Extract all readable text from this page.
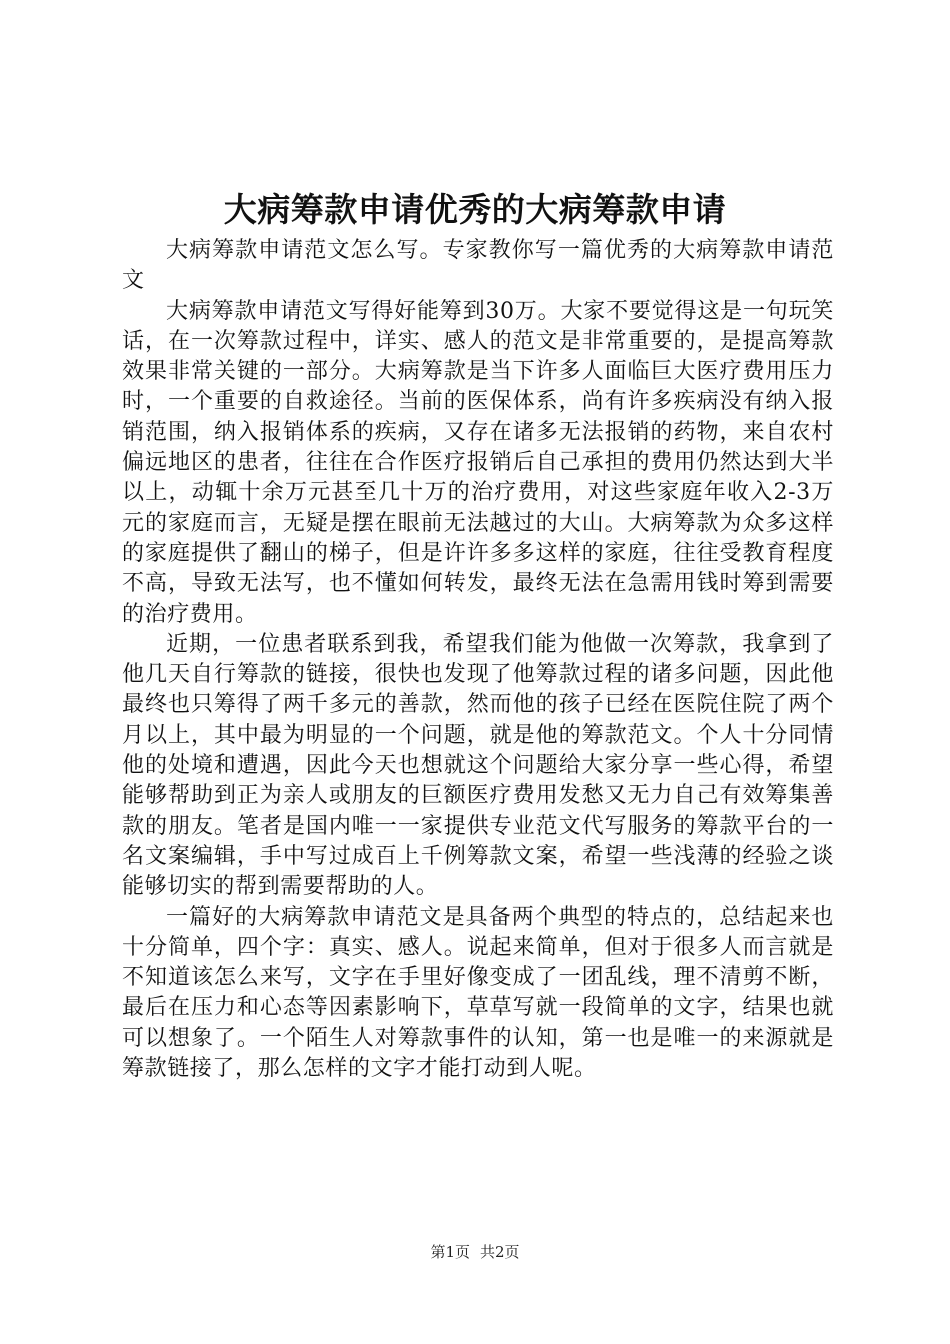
大病筹款申请优秀的大病筹款申请

大病筹款申请范文怎么写。专家教你写一篇优秀的大病筹款申请范文

大病筹款申请范文写得好能筹到30万。大家不要觉得这是一句玩笑话，在一次筹款过程中，详实、感人的范文是非常重要的，是提高筹款效果非常关键的一部分。大病筹款是当下许多人面临巨大医疗费用压力时，一个重要的自救途径。当前的医保体系，尚有许多疾病没有纳入报销范围，纳入报销体系的疾病，又存在诸多无法报销的药物，来自农村偏远地区的患者，往往在合作医疗报销后自己承担的费用仍然达到大半以上，动辄十余万元甚至几十万的治疗费用，对这些家庭年收入2-3万元的家庭而言，无疑是摆在眼前无法越过的大山。大病筹款为众多这样的家庭提供了翻山的梯子，但是许许多多这样的家庭，往往受教育程度不高，导致无法写，也不懂如何转发，最终无法在急需用钱时筹到需要的治疗费用。

近期，一位患者联系到我，希望我们能为他做一次筹款，我拿到了他几天自行筹款的链接，很快也发现了他筹款过程的诸多问题，因此他最终也只筹得了两千多元的善款，然而他的孩子已经在医院住院了两个月以上，其中最为明显的一个问题，就是他的筹款范文。个人十分同情他的处境和遭遇，因此今天也想就这个问题给大家分享一些心得，希望能够帮助到正为亲人或朋友的巨额医疗费用发愁又无力自己有效筹集善款的朋友。笔者是国内唯一一家提供专业范文代写服务的筹款平台的一名文案编辑，手中写过成百上千例筹款文案，希望一些浅薄的经验之谈能够切实的帮到需要帮助的人。

一篇好的大病筹款申请范文是具备两个典型的特点的，总结起来也十分简单，四个字：真实、感人。说起来简单，但对于很多人而言就是不知道该怎么来写，文字在手里好像变成了一团乱线，理不清剪不断，最后在压力和心态等因素影响下，草草写就一段简单的文字，结果也就可以想象了。一个陌生人对筹款事件的认知，第一也是唯一的来源就是筹款链接了，那么怎样的文字才能打动到人呢。

第1页 共2页
